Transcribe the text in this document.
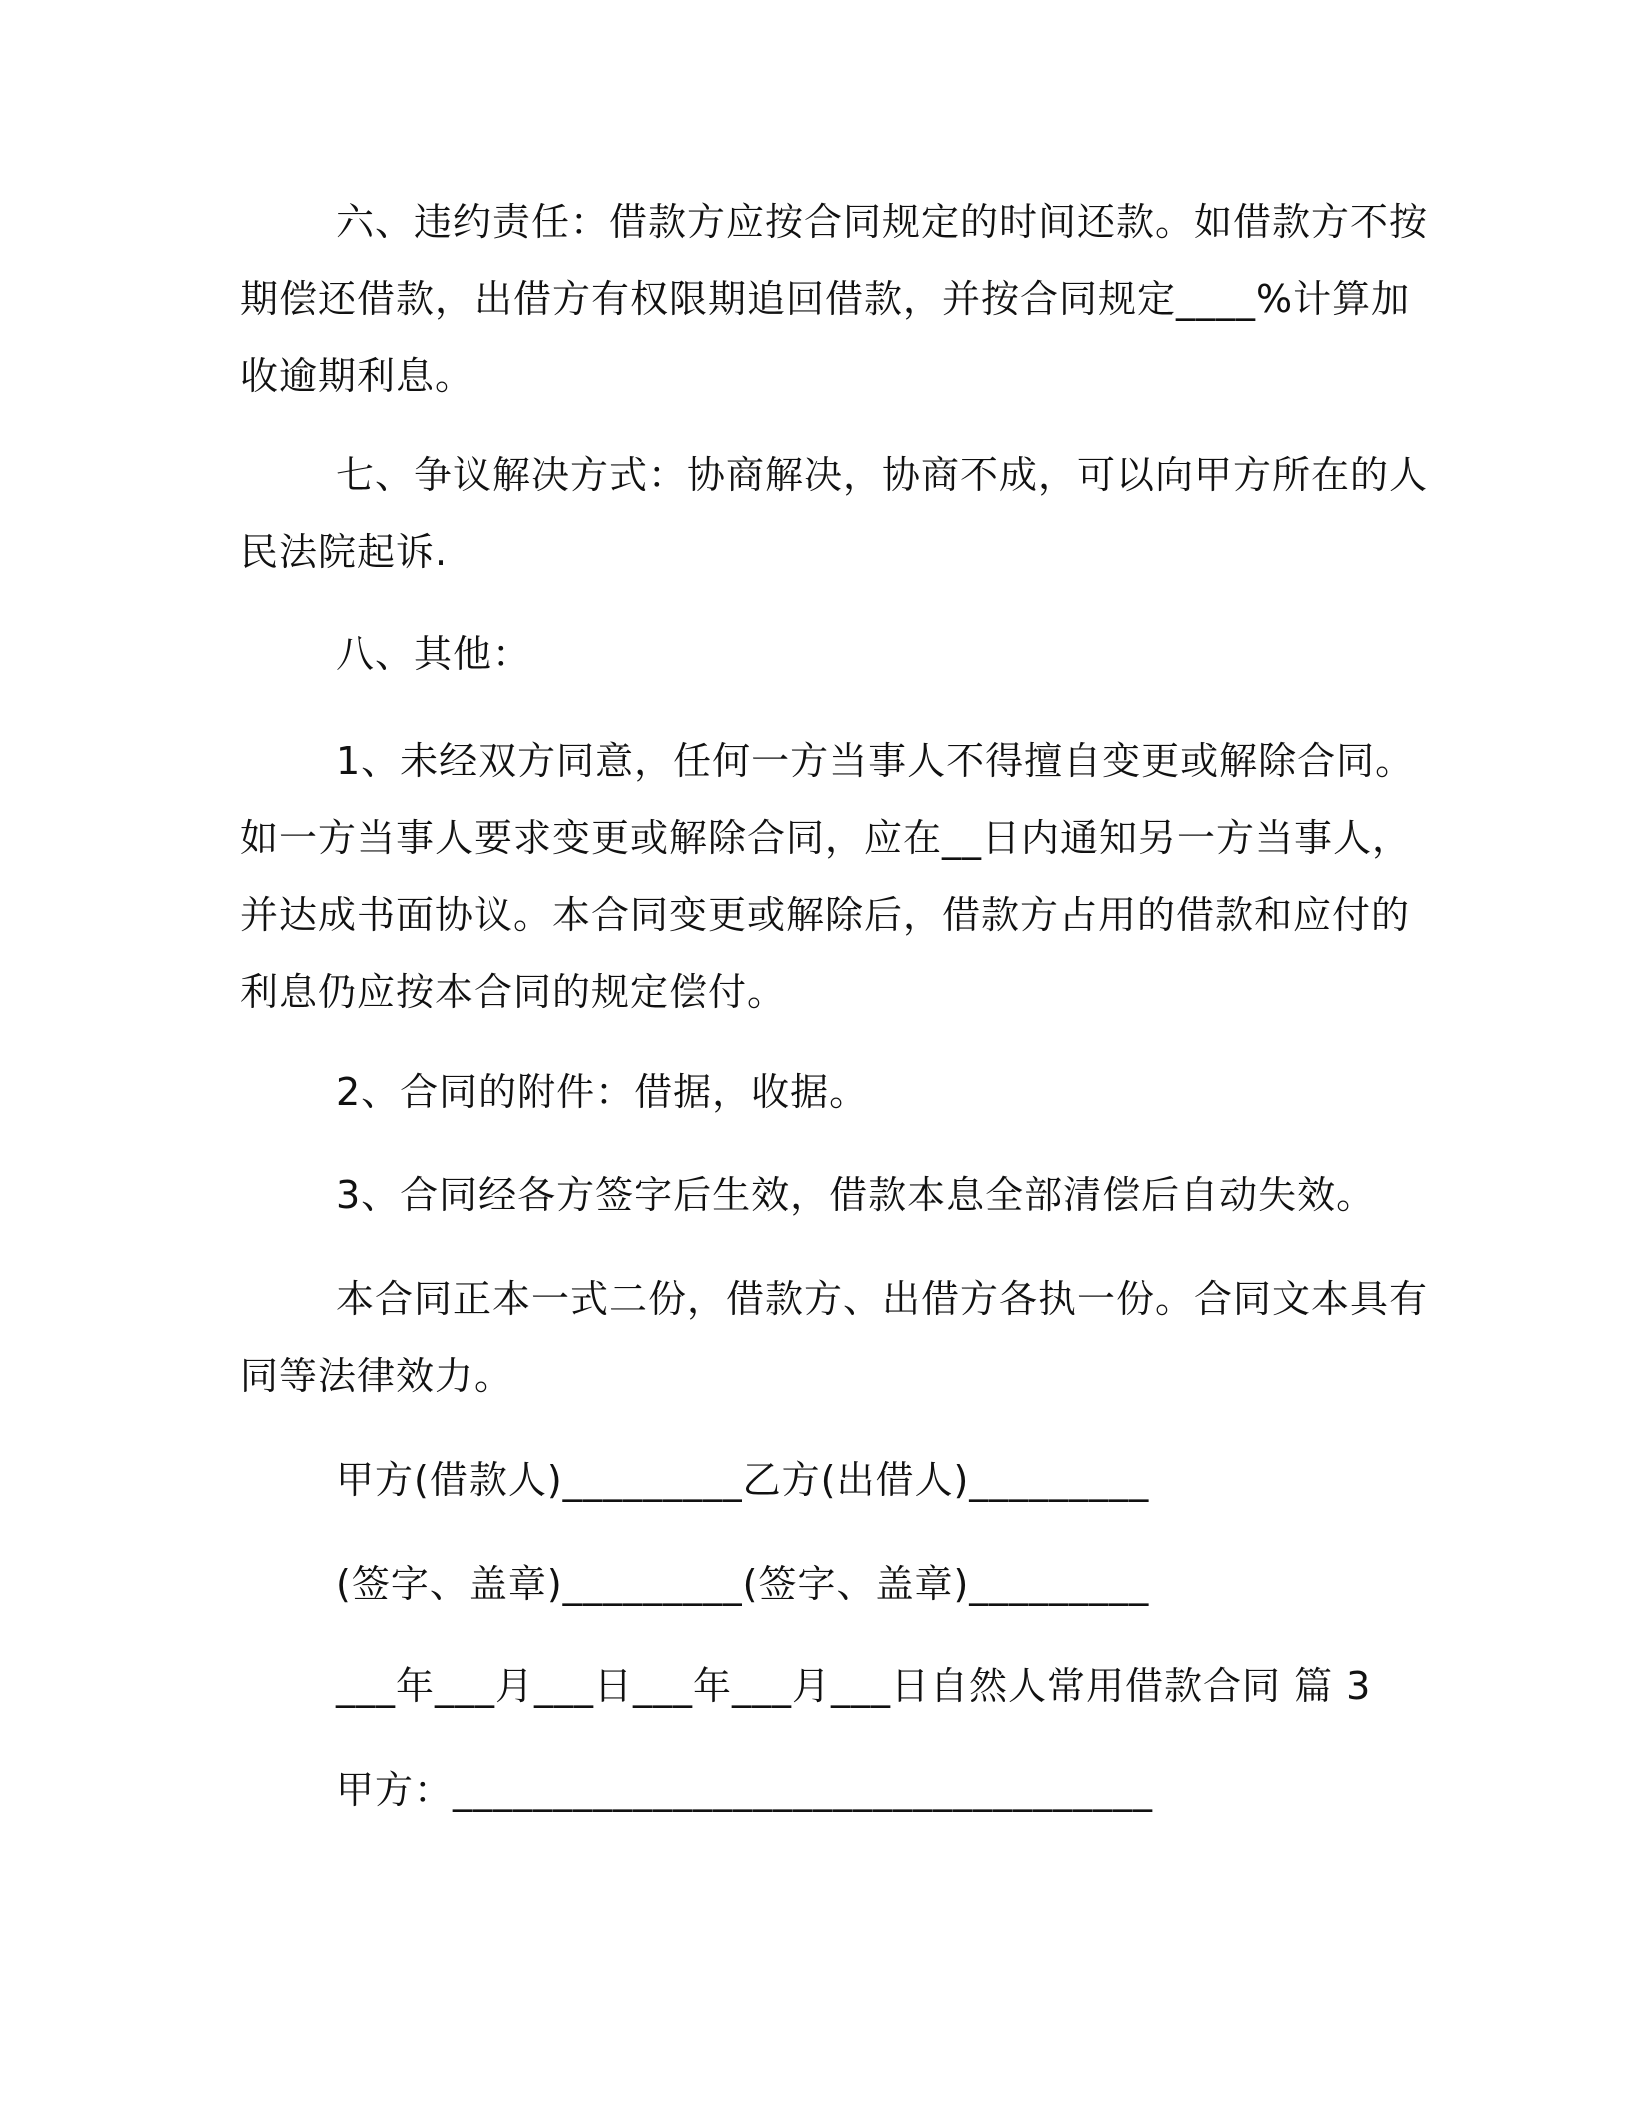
六、违约责任：借款方应按合同规定的时间还款。如借款方不按
期偿还借款，出借方有权限期追回借款，并按合同规定____%计算加
收逾期利息。

七、争议解决方式：协商解决，协商不成，可以向甲方所在的人
民法院起诉.

八、其他：

1、未经双方同意，任何一方当事人不得擅自变更或解除合同。
如一方当事人要求变更或解除合同，应在__日内通知另一方当事人，
并达成书面协议。本合同变更或解除后，借款方占用的借款和应付的
利息仍应按本合同的规定偿付。

2、合同的附件：借据，收据。

3、合同经各方签字后生效，借款本息全部清偿后自动失效。

本合同正本一式二份，借款方、出借方各执一份。合同文本具有
同等法律效力。

甲方(借款人)_________乙方(出借人)_________

(签字、盖章)_________(签字、盖章)_________

___年___月___日___年___月___日自然人常用借款合同 篇 3

甲方：___________________________________
